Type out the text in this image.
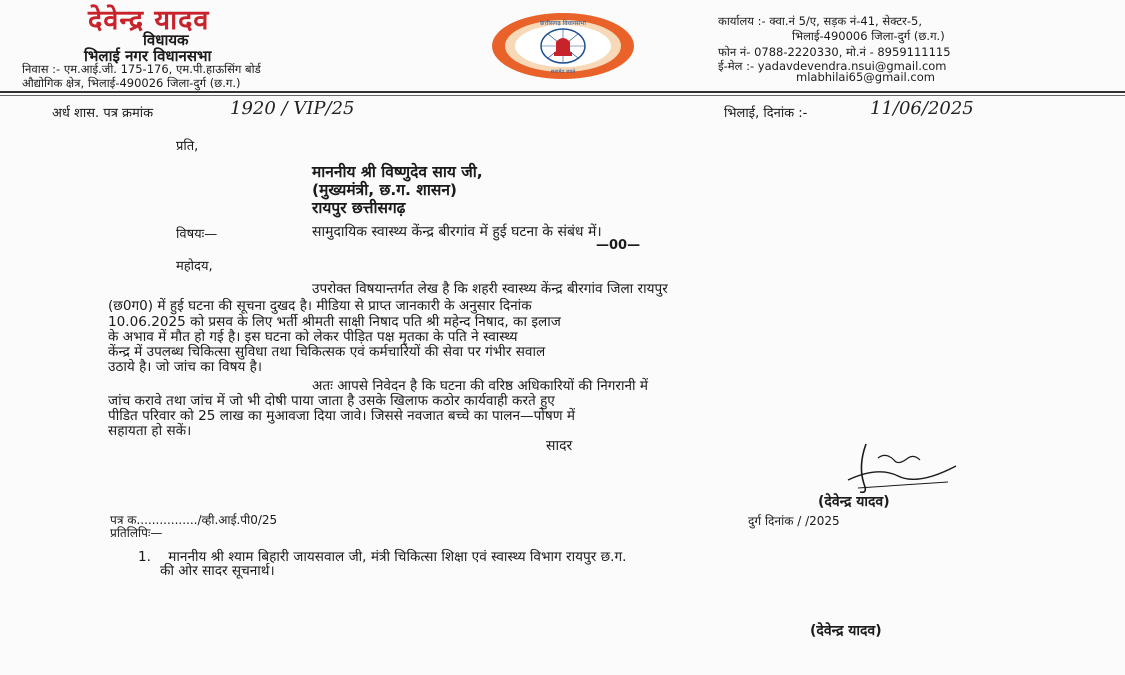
देवेन्द्र यादव
विधायक
भिलाई नगर विधानसभा
निवास :- एम.आई.जी. 175-176, एम.पी.हाऊसिंग बोर्ड
औद्योगिक क्षेत्र, भिलाई-490026 जिला-दुर्ग (छ.ग.)
छत्तीसगढ़ विधानसभा
सत्यमेव जयते
कार्यालय :- क्वा.नं 5/ए, सड़क नं-41, सेक्टर-5,
भिलाई-490006 जिला-दुर्ग (छ.ग.)
फोन नं- 0788-2220330, मो.नं - 8959111115
ई-मेल :- yadavdevendra.nsui@gmail.com
mlabhilai65@gmail.com
अर्ध शास. पत्र क्रमांक	1920 / VIP/25	भिलाई, दिनांक :-	11/06/2025
प्रति,
माननीय श्री विष्णुदेव साय जी,
(मुख्यमंत्री, छ.ग. शासन)
रायपुर छत्तीसगढ़
विषयः—	सामुदायिक स्वास्थ्य केंन्द्र बीरगांव में हुई घटना के संबंध में।
—00—
महोदय,
उपरोक्त विषयान्तर्गत लेख है कि शहरी स्वास्थ्य केंन्द्र बीरगांव जिला रायपुर
(छ0ग0) में हुई घटना की सूचना दुखद है। मीडिया से प्राप्त जानकारी के अनुसार दिनांक
10.06.2025 को प्रसव के लिए भर्ती श्रीमती साक्षी निषाद पति श्री महेन्द निषाद, का इलाज
के अभाव में मौत हो गई है। इस घटना को लेकर पीड़ित पक्ष मृतका के पति ने स्वास्थ्य
केंन्द्र में उपलब्ध चिकित्सा सुविधा तथा चिकित्सक एवं कर्मचारियों की सेवा पर गंभीर सवाल
उठाये है। जो जांच का विषय है।
अतः आपसे निवेदन है कि घटना की वरिष्ठ अधिकारियों की निगरानी में
जांच करावे तथा जांच में जो भी दोषी पाया जाता है उसके खिलाफ कठोर कार्यवाही करते हुए
पीडित परिवार को 25 लाख का मुआवजा दिया जावे। जिससे नवजात बच्चे का पालन—पोषण में
सहायता हो सकें।
सादर
(देवेन्द्र यादव)
पत्र क................/व्ही.आई.पी0/25	दुर्ग दिनांक / /2025
प्रतिलिपिः—
1. माननीय श्री श्याम बिहारी जायसवाल जी, मंत्री चिकित्सा शिक्षा एवं स्वास्थ्य विभाग रायपुर छ.ग.
की ओर सादर सूचनार्थ।
(देवेन्द्र यादव)
